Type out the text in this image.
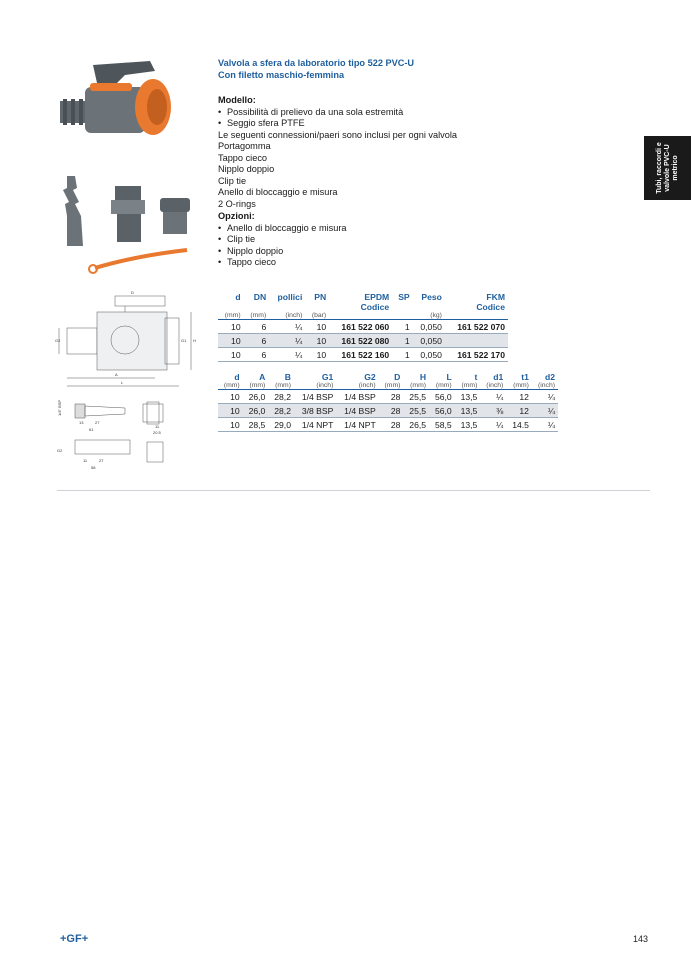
D
G2	H
A
L
G1
1/4" BSP
13	27
61
11
20.5
G2
11	27
58
Valvola a sfera da laboratorio tipo 522 PVC-U
Con filetto maschio-femmina
Modello:
• Possibilità di prelievo da una sola estremità
• Seggio sfera PTFE
Le seguenti connessioni/paeri sono inclusi per ogni valvola
Portagomma
Tappo cieco
Nipplo doppio
Clip tie
Anello di bloccaggio e misura
2 O-rings
Opzioni:
• Anello di bloccaggio e misura
• Clip tie
• Nipplo doppio
• Tappo cieco
Tubi, raccordi e valvole PVC-U metrico
d	DN	pollici	PN	EPDM	SP	Peso	FKM
				Codice			Codice
(mm)	(mm)	(inch)	(bar)			(kg)	
10	6	¼	10	161 522 060	1	0,050	161 522 070
10	6	¼	10	161 522 080	1	0,050	
10	6	¼	10	161 522 160	1	0,050	161 522 170
d	A	B	G1	G2	D	H	L	t	d1	t1	d2
(mm)	(mm)	(mm)	(inch)	(inch)	(mm)	(mm)	(mm)	(mm)	(inch)	(mm)	(inch)
10	26,0	28,2	1/4 BSP	1/4 BSP	28	25,5	56,0	13,5	¼	12	¼
10	26,0	28,2	3/8 BSP	1/4 BSP	28	25,5	56,0	13,5	⅜	12	¼
10	28,5	29,0	1/4 NPT	1/4 NPT	28	26,5	58,5	13,5	¼	14.5	¼
+GF+	143
